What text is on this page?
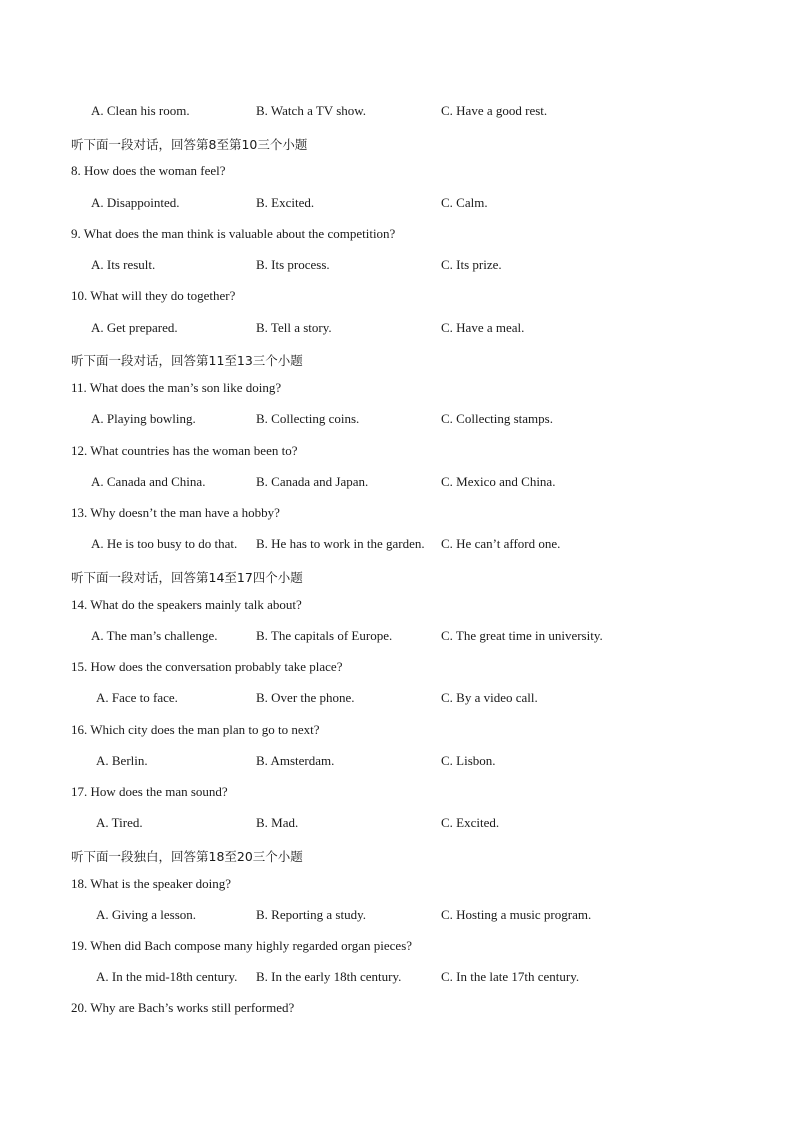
A. Clean his room.	B. Watch a TV show.	C. Have a good rest.
听下面一段对话，回答第8至第10三个小题
8. How does the woman feel?
A. Disappointed.	B. Excited.	C. Calm.
9. What does the man think is valuable about the competition?
A. Its result.	B. Its process.	C. Its prize.
10. What will they do together?
A. Get prepared.	B. Tell a story.	C. Have a meal.
听下面一段对话，回答第11至13三个小题
11. What does the man’s son like doing?
A. Playing bowling.	B. Collecting coins.	C. Collecting stamps.
12. What countries has the woman been to?
A. Canada and China.	B. Canada and Japan.	C. Mexico and China.
13. Why doesn’t the man have a hobby?
A. He is too busy to do that. B. He has to work in the garden. C. He can’t afford one.
听下面一段对话，回答第14至17四个小题
14. What do the speakers mainly talk about?
A. The man’s challenge.	B. The capitals of Europe.	C. The great time in university.
15. How does the conversation probably take place?
A. Face to face.	B. Over the phone.	C. By a video call.
16. Which city does the man plan to go to next?
A. Berlin.	B. Amsterdam.	C. Lisbon.
17. How does the man sound?
A. Tired.	B. Mad.	C. Excited.
听下面一段独白，回答第18至20三个小题
18. What is the speaker doing?
A. Giving a lesson.	B. Reporting a study.	C. Hosting a music program.
19. When did Bach compose many highly regarded organ pieces?
A. In the mid-18th century. B. In the early 18th century.	C. In the late 17th century.
20. Why are Bach’s works still performed?
